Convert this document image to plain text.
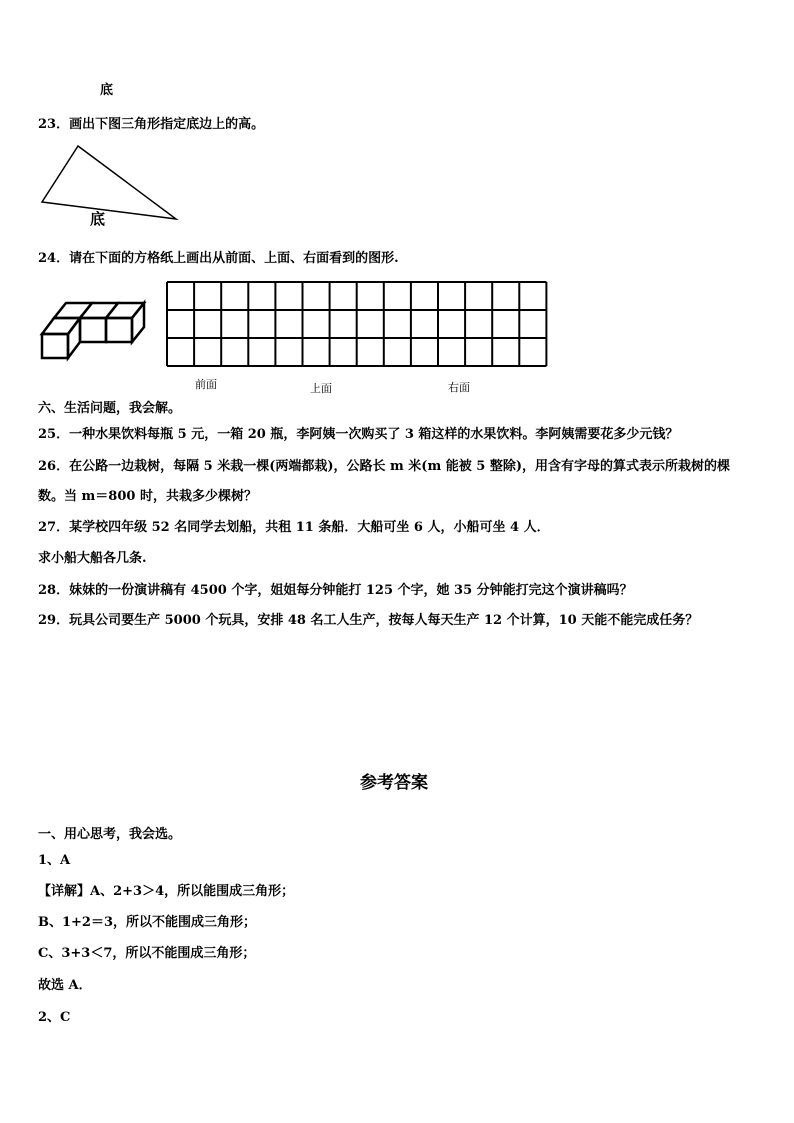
底
23．画出下图三角形指定底边上的高。
底
24．请在下面的方格纸上画出从前面、上面、右面看到的图形.
前面	上面	右面
六、生活问题，我会解。
25．一种水果饮料每瓶 5 元，一箱 20 瓶，李阿姨一次购买了 3 箱这样的水果饮料。李阿姨需要花多少元钱？
26．在公路一边栽树，每隔 5 米栽一棵(两端都栽)，公路长 m 米(m 能被 5 整除)，用含有字母的算式表示所栽树的棵
数。当 m＝800 时，共栽多少棵树？
27．某学校四年级 52 名同学去划船，共租 11 条船．大船可坐 6 人，小船可坐 4 人．
求小船大船各几条.
28．妹妹的一份演讲稿有 4500 个字，姐姐每分钟能打 125 个字，她 35 分钟能打完这个演讲稿吗？
29．玩具公司要生产 5000 个玩具，安排 48 名工人生产，按每人每天生产 12 个计算，10 天能不能完成任务？
参考答案
一、用心思考，我会选。
1、A
【详解】A、2+3＞4，所以能围成三角形；
B、1+2＝3，所以不能围成三角形；
C、3+3＜7，所以不能围成三角形；
故选 A．
2、C
